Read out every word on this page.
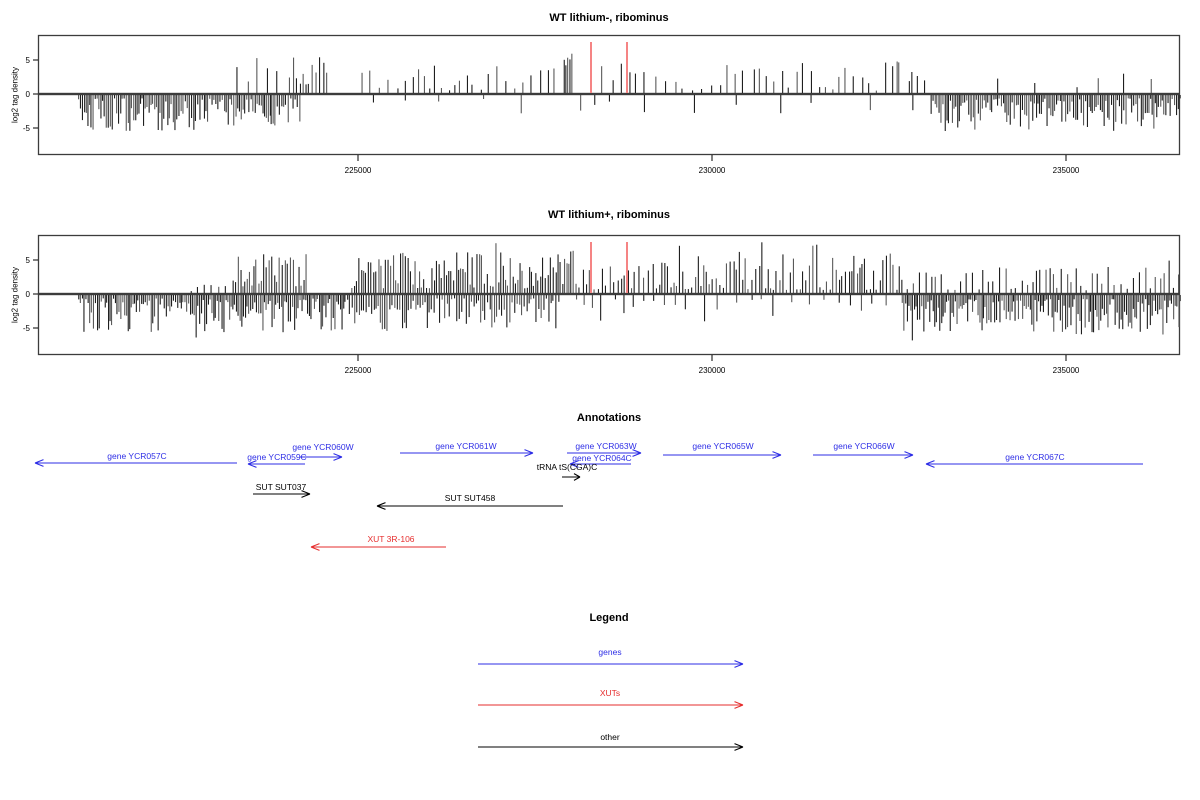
WT lithium-, ribominus
log2 tag density
5
0
-5
225000	230000	235000
WT lithium+, ribominus
log2 tag density
5
0
-5
225000	230000	235000
Annotations
Legend
gene YCR057C	gene YCR059C
gene YCR060W	gene YCR061W	gene YCR063W
gene YCR064C
tRNA tS(CGA)C
gene YCR065W	gene YCR066W
gene YCR067C
SUT SUT037
SUT SUT458
XUT 3R-106
genes
XUTs
other
